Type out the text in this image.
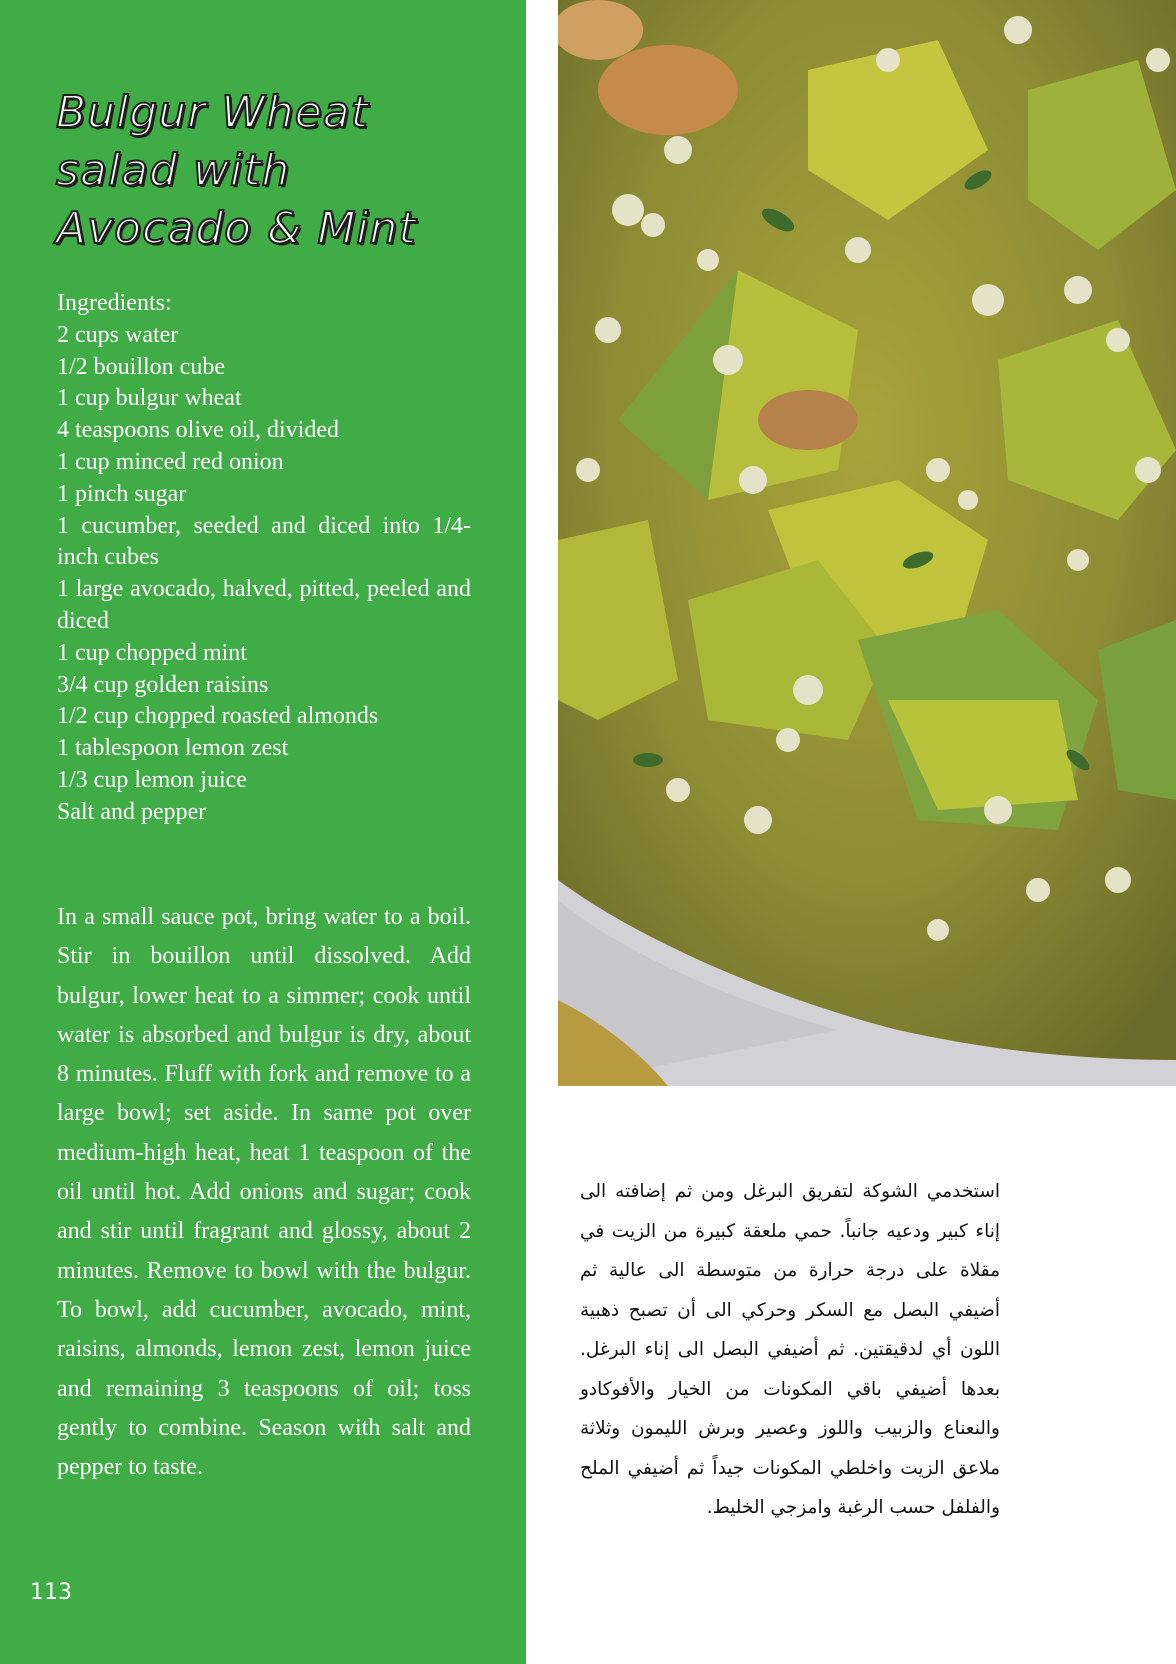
Bulgur Wheat salad with Avocado & Mint
Ingredients:
2 cups water
1/2 bouillon cube
1 cup bulgur wheat
4 teaspoons olive oil, divided
1 cup minced red onion
1 pinch sugar
1 cucumber, seeded and diced into 1/4-inch cubes
1 large avocado, halved, pitted, peeled and diced
1 cup chopped mint
3/4 cup golden raisins
1/2 cup chopped roasted almonds
1 tablespoon lemon zest
1/3 cup lemon juice
Salt and pepper

In a small sauce pot, bring water to a boil. Stir in bouillon until dissolved. Add bulgur, lower heat to a simmer; cook until water is absorbed and bulgur is dry, about 8 minutes. Fluff with fork and remove to a large bowl; set aside. In same pot over medium-high heat, heat 1 teaspoon of the oil until hot. Add onions and sugar; cook and stir until fragrant and glossy, about 2 minutes. Remove to bowl with the bulgur. To bowl, add cucumber, avocado, mint, raisins, almonds, lemon zest, lemon juice and remaining 3 teaspoons of oil; toss gently to combine. Season with salt and pepper to taste.

113

استخدمي الشوكة لتفريق البرغل ومن ثم إضافته الى إناء كبير ودعيه جانباً. حمي ملعقة كبيرة من الزيت في مقلاة على درجة حرارة من متوسطة الى عالية ثم أضيفي البصل مع السكر وحركي الى أن تصبح ذهبية اللون أي لدقيقتين. ثم أضيفي البصل الى إناء البرغل. بعدها أضيفي باقي المكونات من الخيار والأفوكادو والنعناع والزبيب واللوز وعصير وبرش الليمون وثلاثة ملاعق الزيت واخلطي المكونات جيداً ثم أضيفي الملح والفلفل حسب الرغبة وامزجي الخليط.
